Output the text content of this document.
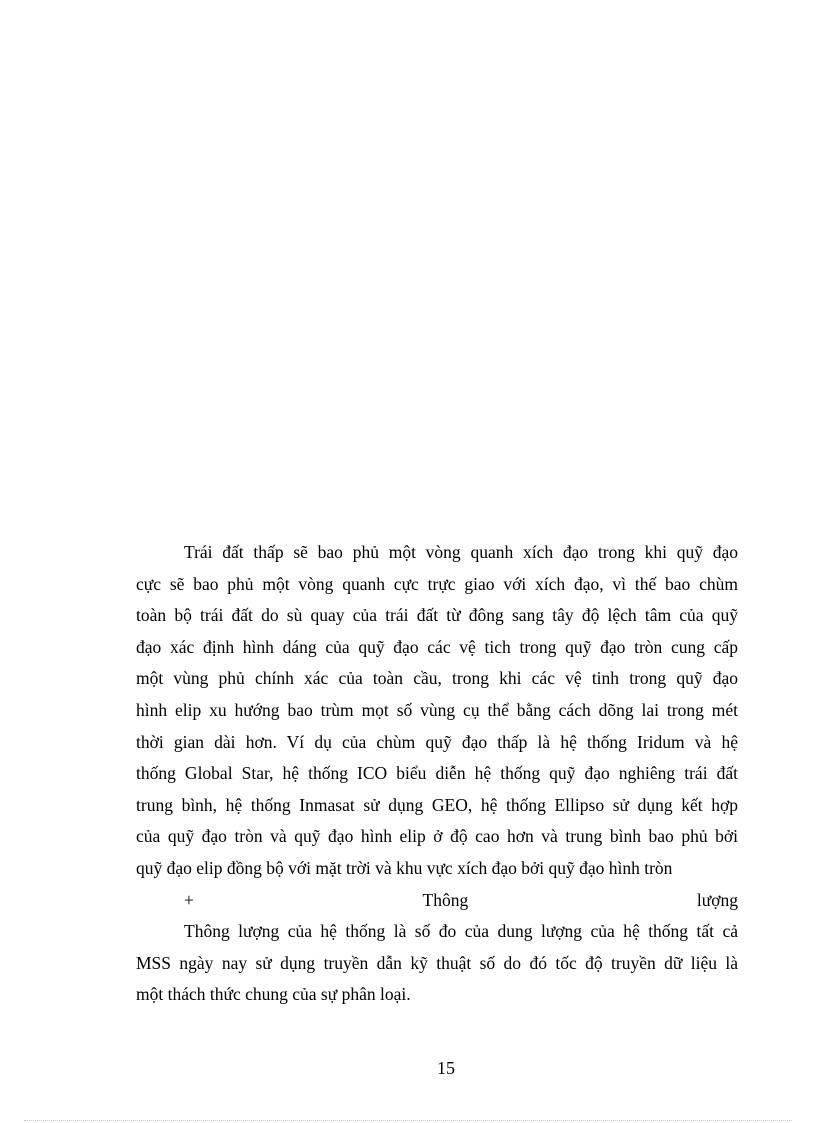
Trái đất thấp sẽ bao phủ một vòng quanh xích đạo trong khi quỹ đạo
cực sẽ bao phủ một vòng quanh cực trực giao với xích đạo, vì thế bao chùm
toàn bộ trái đất do sù quay của trái đất từ đông sang tây độ lệch tâm của quỹ
đạo xác định hình dáng của quỹ đạo các vệ tich trong quỹ đạo tròn cung cấp
một vùng phủ chính xác của toàn cầu, trong khi các vệ tinh trong quỹ đạo
hình elip xu hướng bao trùm mọt số vùng cụ thể bằng cách dõng lai trong mét
thời gian dài hơn. Ví dụ của chùm quỹ đạo thấp là hệ thống Iridum và hệ
thống Global Star, hệ thống ICO biểu diễn hệ thống quỹ đạo nghiêng trái đất
trung bình, hệ thống Inmasat sử dụng GEO, hệ thống Ellipso sử dụng kết hợp
của quỹ đạo tròn và quỹ đạo hình elip ở độ cao hơn và trung bình bao phủ bởi
quỹ đạo elip đồng bộ với mặt trời và khu vực xích đạo bởi quỹ đạo hình tròn
+	Thông	lượng
Thông lượng của hệ thống là số đo của dung lượng của hệ thống tất cả
MSS ngày nay sử dụng truyền dẫn kỹ thuật số do đó tốc độ truyền dữ liệu là
một thách thức chung của sự phân loại.
15
